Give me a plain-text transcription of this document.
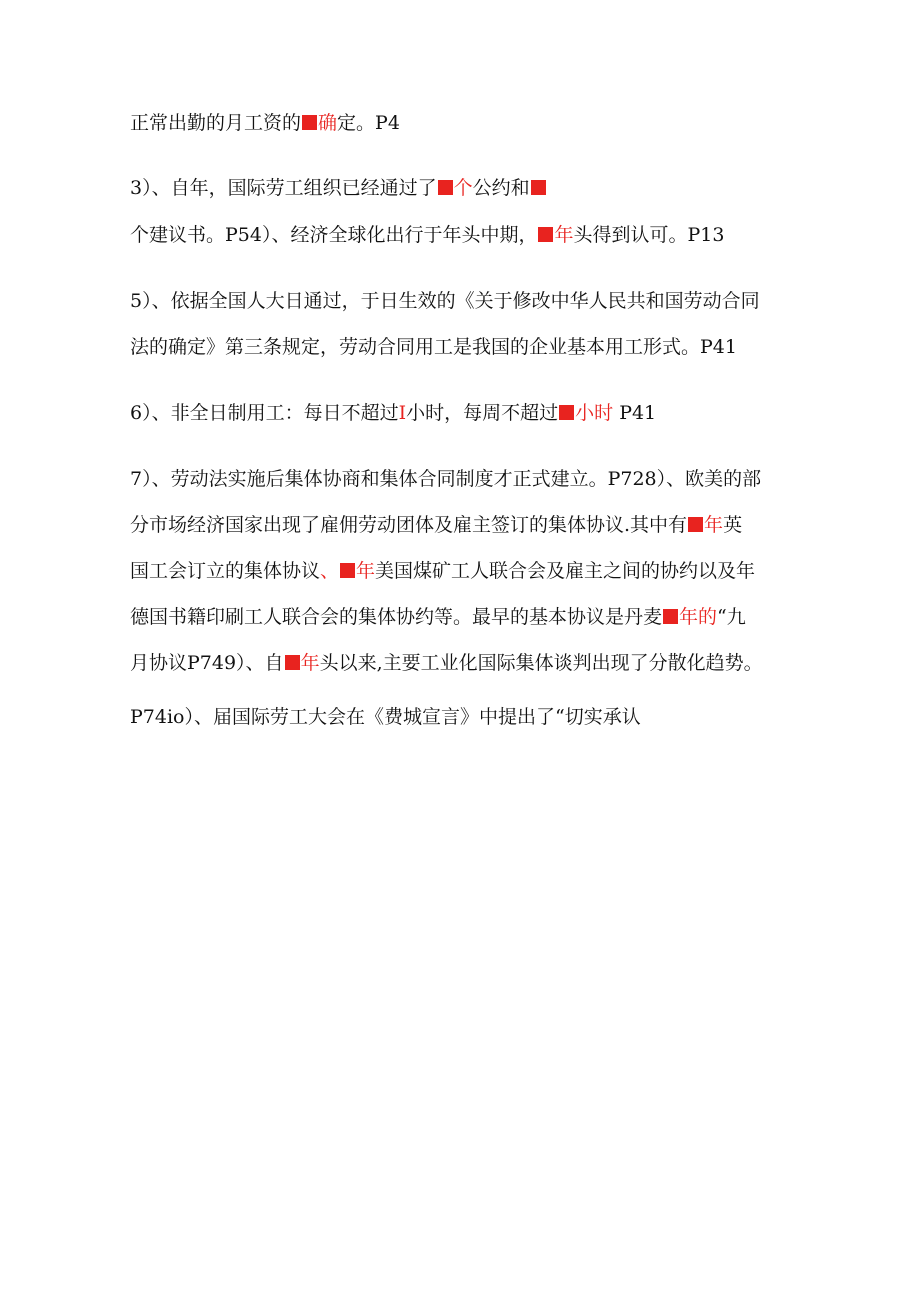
正常出勤的月工资的 确定。P4
3）、自年，国际劳工组织已经通过了 个公约和
个建议书。P54）、经济全球化出行于年头中期， 年头得到认可。P13
5）、依据全国人大日通过，于日生效的《关于修改中华人民共和国劳动合同
法的确定》第三条规定，劳动合同用工是我国的企业基本用工形式。P41
6）、非全日制用工：每日不超过I小时，每周不超过 小时 P41
7）、劳动法实施后集体协商和集体合同制度才正式建立。P728）、欧美的部
分市场经济国家出现了雇佣劳动团体及雇主签订的集体协议.其中有 年英
国工会订立的集体协议、 年美国煤矿工人联合会及雇主之间的协约以及年
德国书籍印刷工人联合会的集体协约等。最早的基本协议是丹麦 年的“九
月协议P749）、自 年头以来,主要工业化国际集体谈判出现了分散化趋势。
P74io）、届国际劳工大会在《费城宣言》中提出了“切实承认
